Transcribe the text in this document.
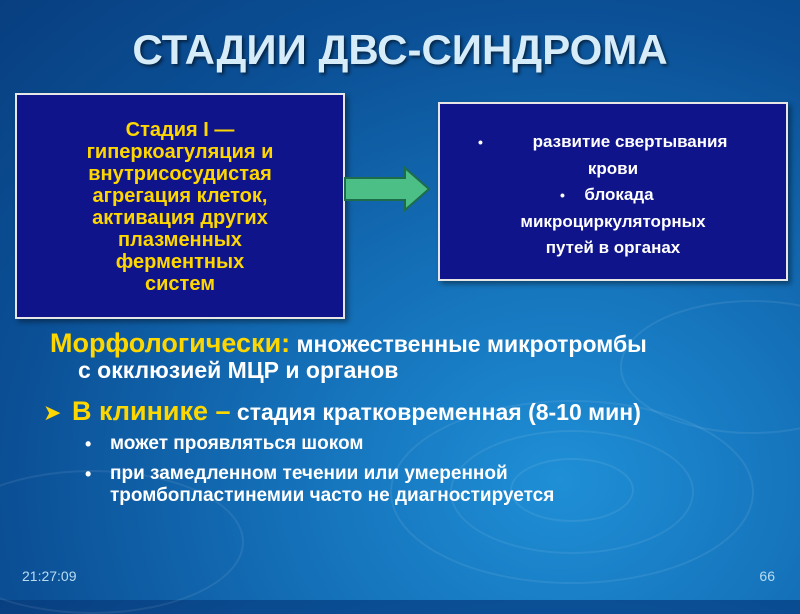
СТАДИИ ДВС-СИНДРОМА
Стадия I —
гиперкоагуляция и
внутрисосудистая
агрегация клеток,
активация других
плазменных
ферментных
систем
•	развитие свертывания
крови
•	блокада
микроциркуляторных
путей в органах
Морфологически: множественные микротромбы
с окклюзией МЦР и органов
➤ В клинике – стадия кратковременная (8-10 мин)
• может проявляться шоком
• при замедленном течении или умеренной
тромбопластинемии часто не диагностируется
21:27:09	66
